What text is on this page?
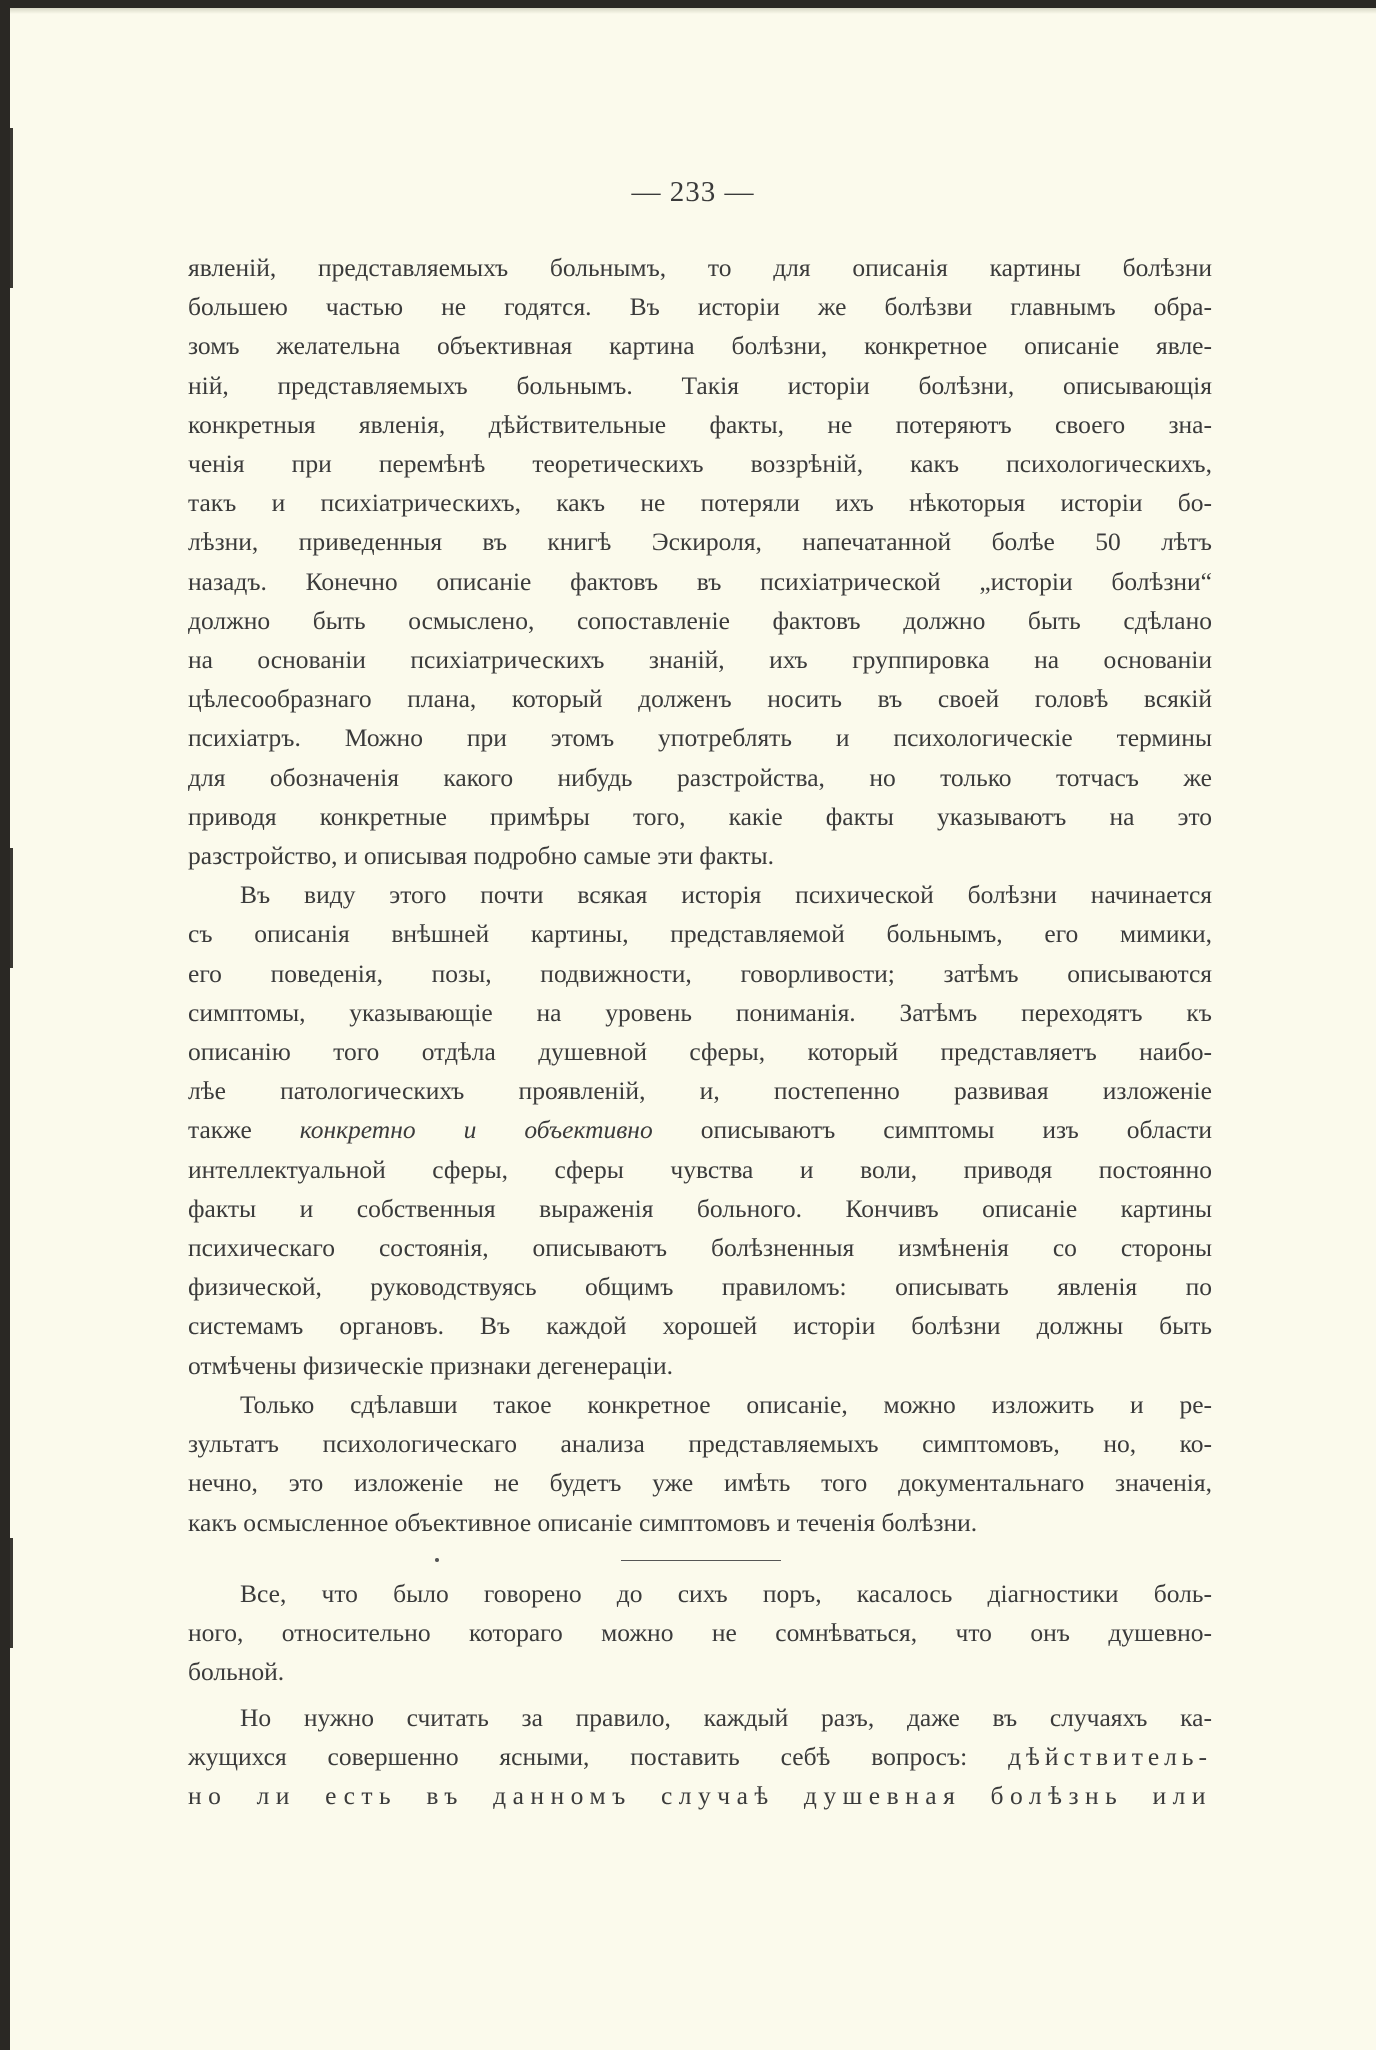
— 233 —

явленій, представляемыхъ больнымъ, то для описанія картины болѣзни

большею частью не годятся. Въ исторіи же болѣзви главнымъ обра-

зомъ желательна объективная картина болѣзни, конкретное описаніе явле-

ній, представляемыхъ больнымъ. Такія исторіи болѣзни, описывающія

конкретныя явленія, дѣйствительные факты, не потеряютъ своего зна-

ченія при перемѣнѣ теоретическихъ воззрѣній, какъ психологическихъ,

такъ и психіатрическихъ, какъ не потеряли ихъ нѣкоторыя исторіи бо-

лѣзни, приведенныя въ книгѣ Эскироля, напечатанной болѣе 50 лѣтъ

назадъ. Конечно описаніе фактовъ въ психіатрической „исторіи болѣзни“

должно быть осмыслено, сопоставленіе фактовъ должно быть сдѣлано

на основаніи психіатрическихъ знаній, ихъ группировка на основаніи

цѣлесообразнаго плана, который долженъ носить въ своей головѣ всякій

психіатръ. Можно при этомъ употреблять и психологическіе термины

для обозначенія какого нибудь разстройства, но только тотчасъ же

приводя конкретные примѣры того, какіе факты указываютъ на это

разстройство, и описывая подробно самые эти факты.

Въ виду этого почти всякая исторія психической болѣзни начинается

съ описанія внѣшней картины, представляемой больнымъ, его мимики,

его поведенія, позы, подвижности, говорливости; затѣмъ описываются

симптомы, указывающіе на уровень пониманія. Затѣмъ переходятъ къ

описанію того отдѣла душевной сферы, который представляетъ наибо-

лѣе патологическихъ проявленій, и, постепенно развивая изложеніе

также конкретно и объективно описываютъ симптомы изъ области

интеллектуальной сферы, сферы чувства и воли, приводя постоянно

факты и собственныя выраженія больного. Кончивъ описаніе картины

психическаго состоянія, описываютъ болѣзненныя измѣненія со стороны

физической, руководствуясь общимъ правиломъ: описывать явленія по

системамъ органовъ. Въ каждой хорошей исторіи болѣзни должны быть

отмѣчены физическіе признаки дегенераціи.

Только сдѣлавши такое конкретное описаніе, можно изложить и ре-

зультатъ психологическаго анализа представляемыхъ симптомовъ, но, ко-

нечно, это изложеніе не будетъ уже имѣть того документальнаго значенія,

какъ осмысленное объективное описаніе симптомовъ и теченія болѣзни.

Все, что было говорено до сихъ поръ, касалось діагностики боль-

ного, относительно котораго можно не сомнѣваться, что онъ душевно-

больной.

Но нужно считать за правило, каждый разъ, даже въ случаяхъ ка-

жущихся совершенно ясными, поставить себѣ вопросъ: дѣйствитель-

но ли есть въ данномъ случаѣ душевная болѣзнь или
